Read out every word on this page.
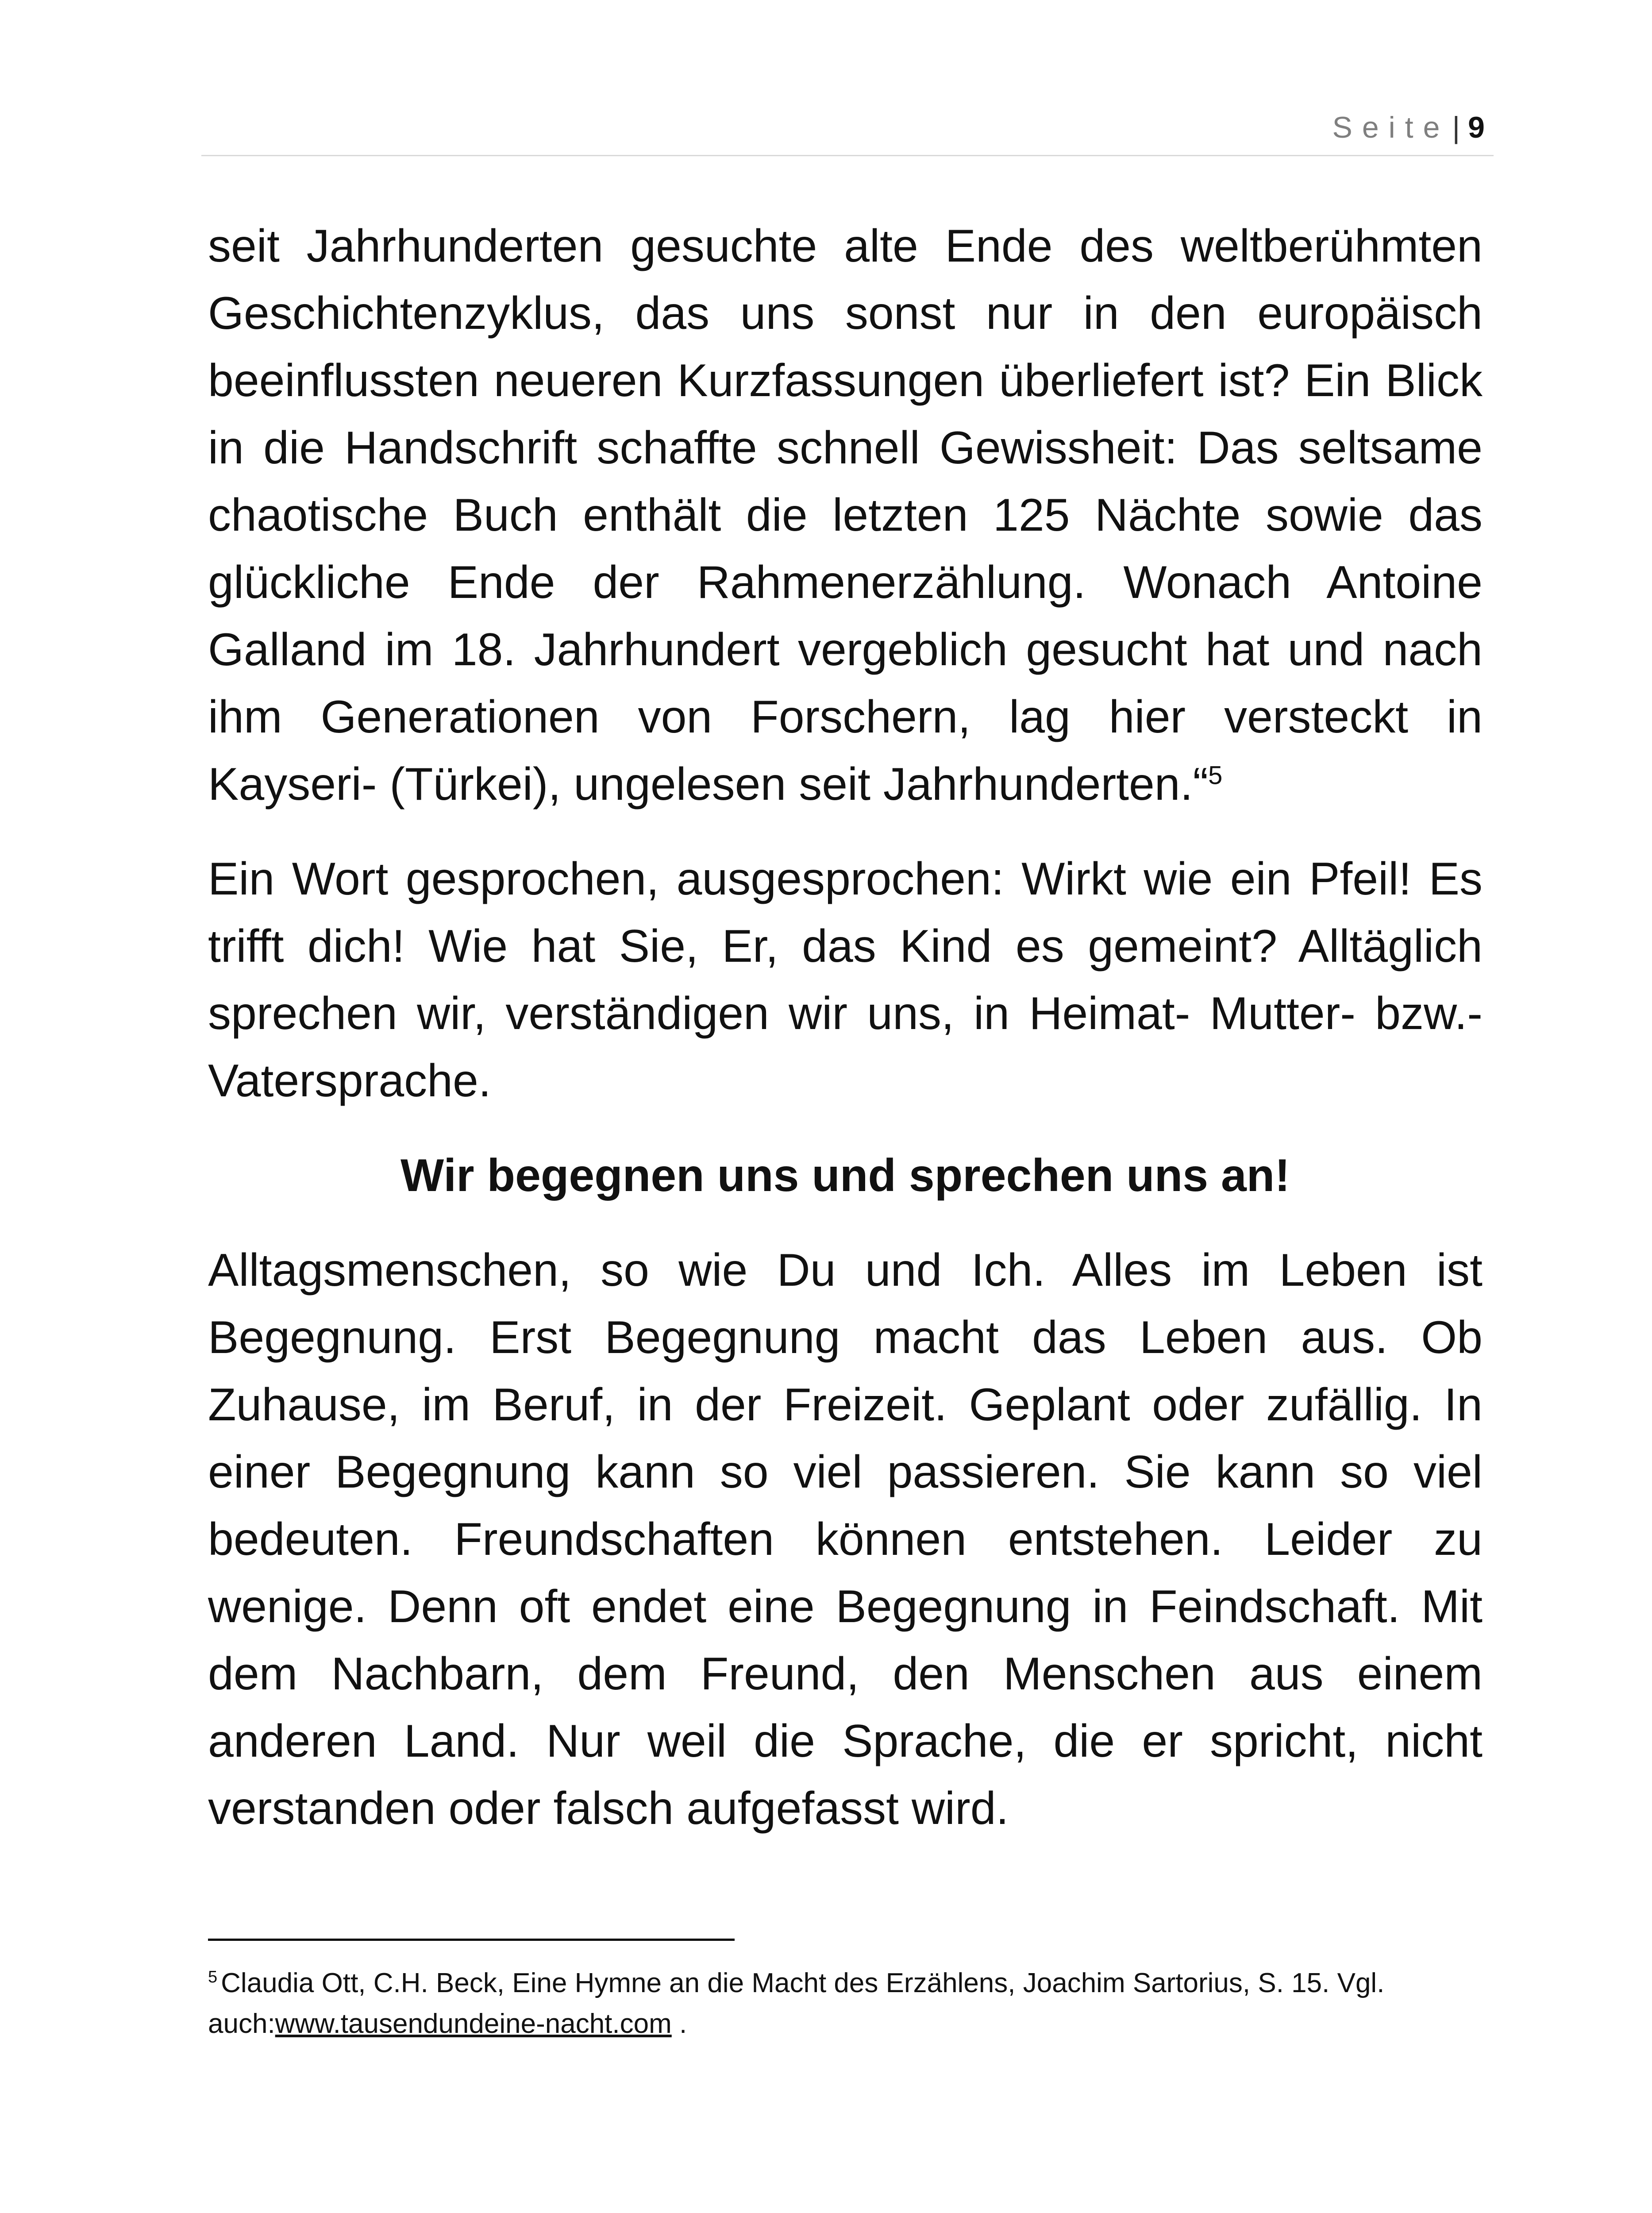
Seite| 9

seit Jahrhunderten gesuchte alte Ende des weltberühmten Geschichtenzyklus, das uns sonst nur in den europäisch beeinflussten neueren Kurzfassungen überliefert ist? Ein Blick in die Handschrift schaffte schnell Gewissheit: Das seltsame chaotische Buch enthält die letzten 125 Nächte sowie das glückliche Ende der Rahmenerzählung. Wonach Antoine Galland im 18. Jahrhundert vergeblich gesucht hat und nach ihm Generationen von Forschern, lag hier versteckt in Kayseri- (Türkei), ungelesen seit Jahrhunderten.“$^5$

Ein Wort gesprochen, ausgesprochen: Wirkt wie ein Pfeil! Es trifft dich! Wie hat Sie, Er, das Kind es gemeint? Alltäglich sprechen wir, verständigen wir uns, in Heimat- Mutter- bzw.- Vatersprache.

Wir begegnen uns und sprechen uns an!

Alltagsmenschen, so wie Du und Ich. Alles im Leben ist Begegnung. Erst Begegnung macht das Leben aus. Ob Zuhause, im Beruf, in der Freizeit. Geplant oder zufällig. In einer Begegnung kann so viel passieren. Sie kann so viel bedeuten. Freundschaften können entstehen. Leider zu wenige. Denn oft endet eine Begegnung in Feindschaft. Mit dem Nachbarn, dem Freund, den Menschen aus einem anderen Land. Nur weil die Sprache, die er spricht, nicht verstanden oder falsch aufgefasst wird.

$^5$ Claudia Ott, C.H. Beck, Eine Hymne an die Macht des Erzählens, Joachim Sartorius, S. 15. Vgl. auch:www.tausendundeine-nacht.com .
